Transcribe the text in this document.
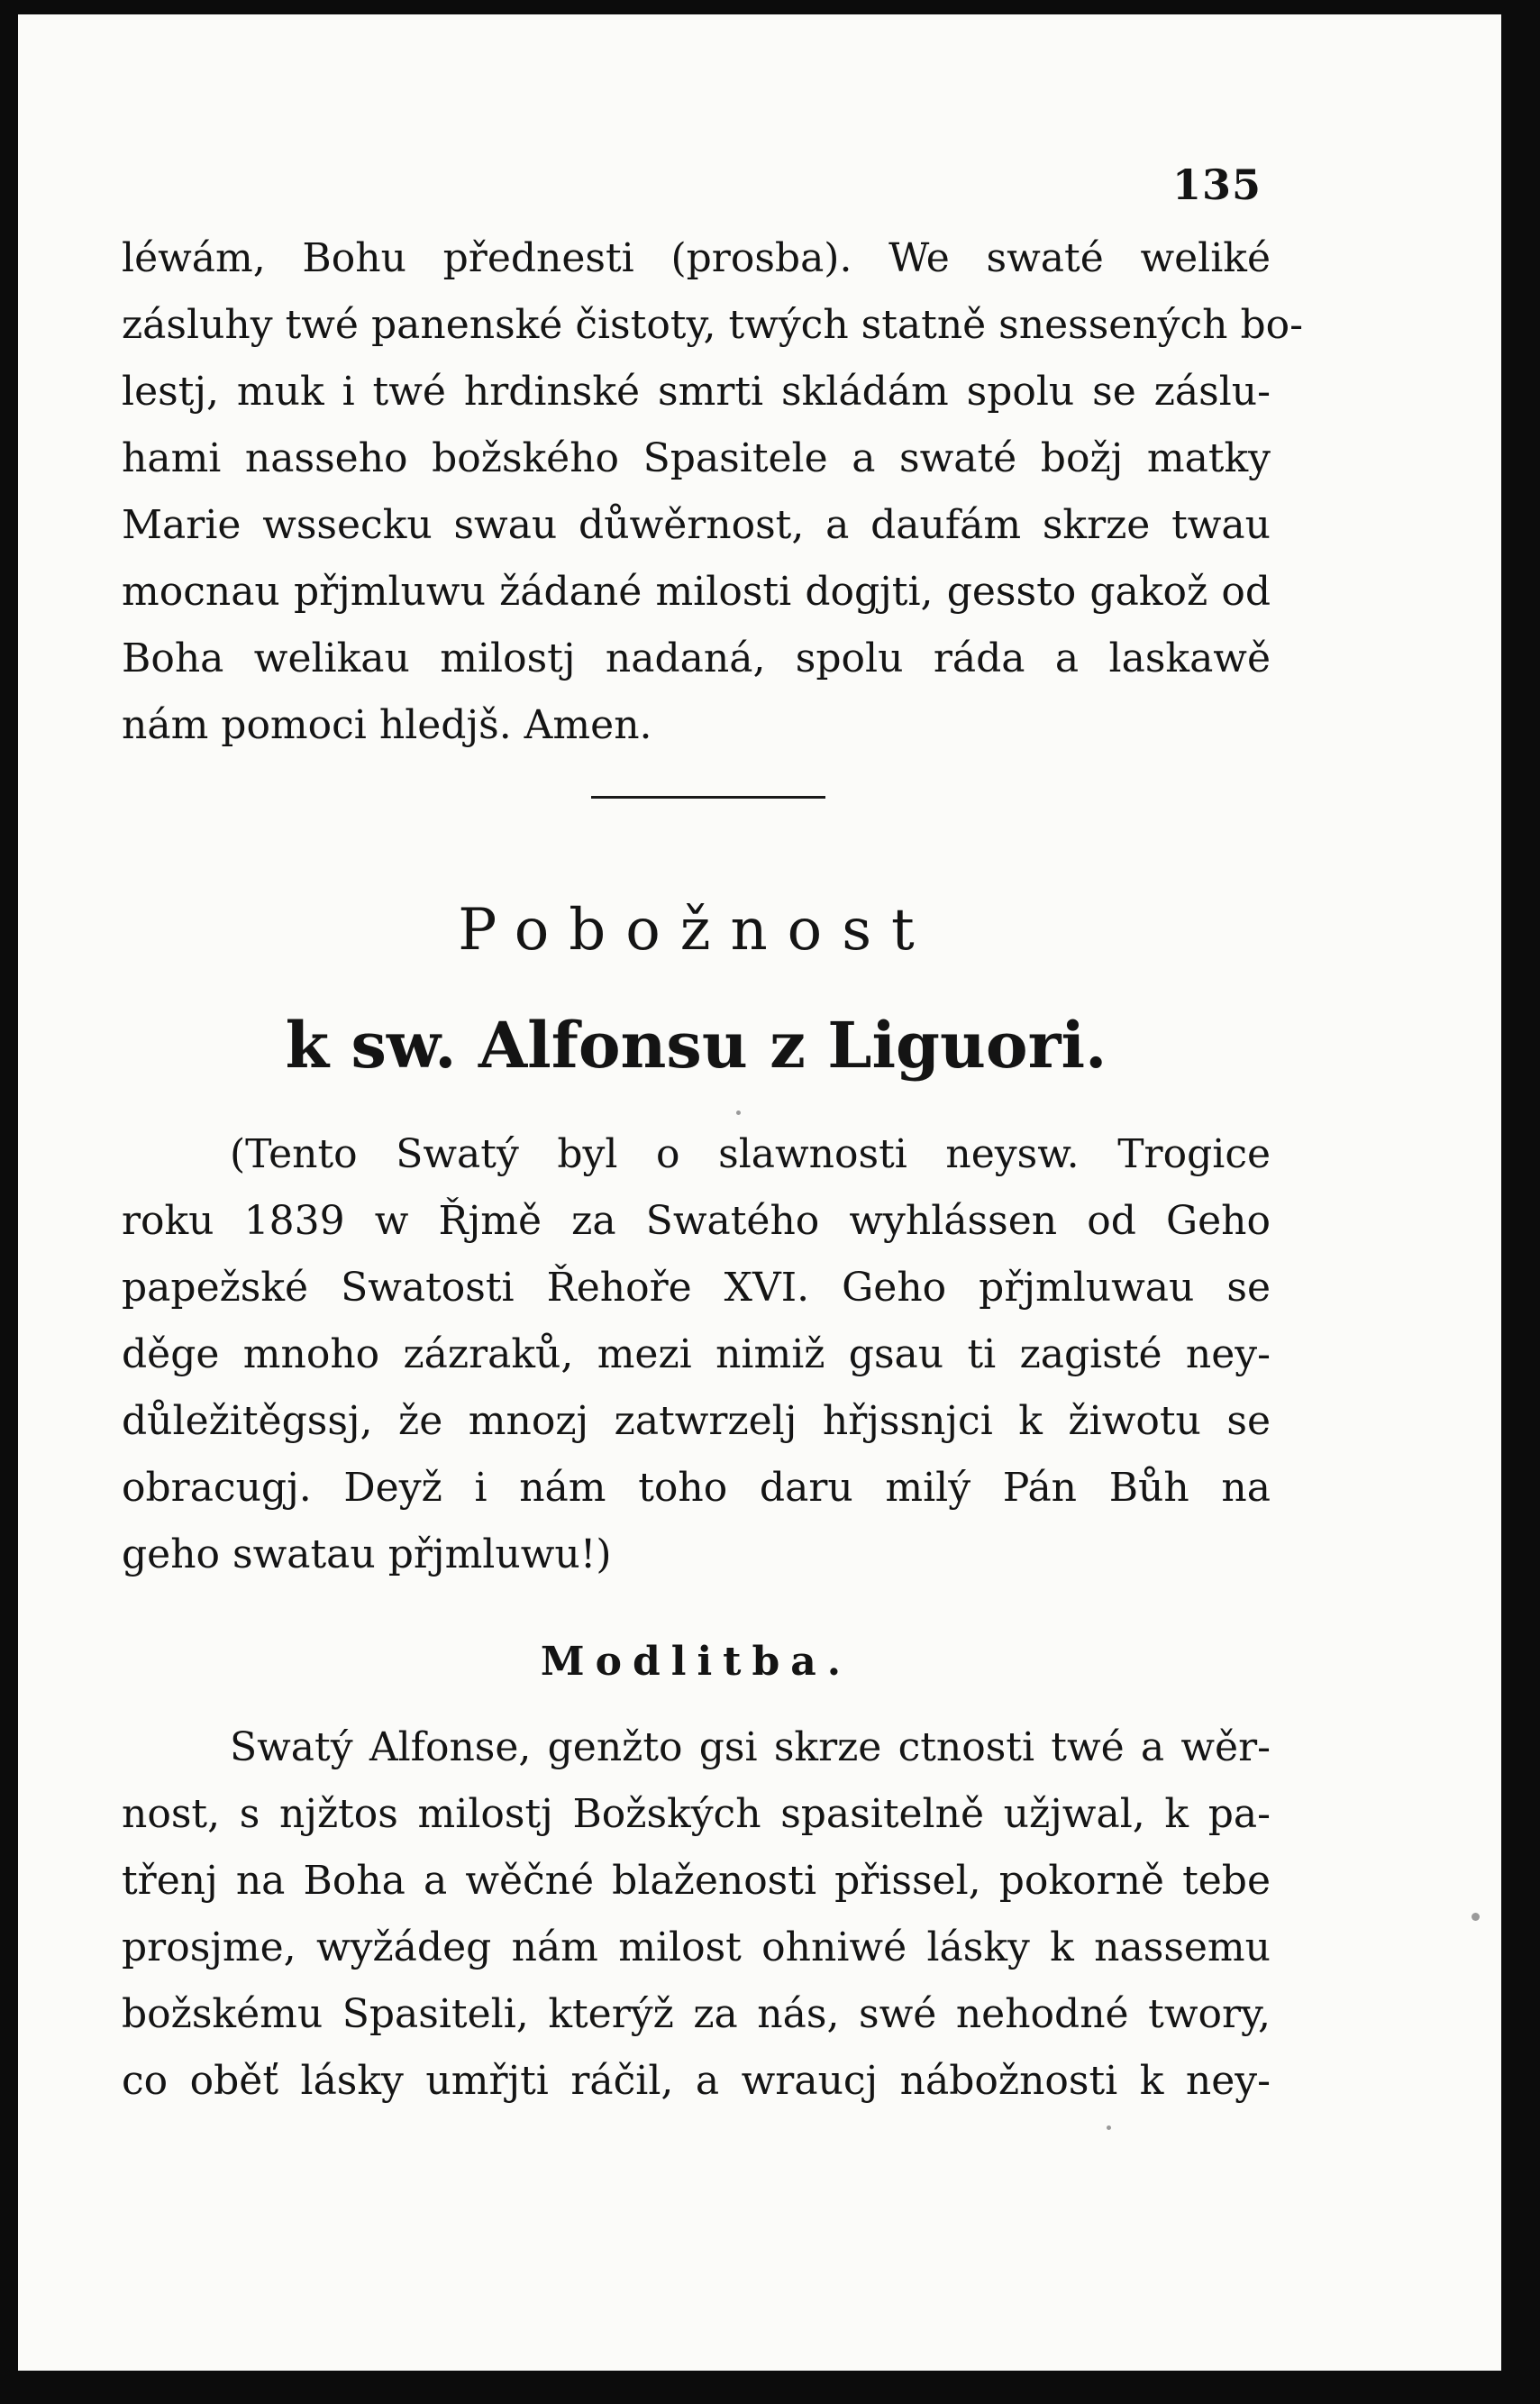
135
léwám, Bohu přednesti (prosba). We swaté weliké
zásluhy twé panenské čistoty, twých statně snessených bo-
lestj, muk i twé hrdinské smrti skládám spolu se záslu-
hami nasseho božského Spasitele a swaté božj matky
Marie wssecku swau důwěrnost, a daufám skrze twau
mocnau přjmluwu žádané milosti dogjti, gessto gakož od
Boha welikau milostj nadaná, spolu ráda a laskawě
nám pomoci hledjš. Amen.
Pobožnost
k sw. Alfonsu z Liguori.
(Tento Swatý byl o slawnosti neysw. Trogice
roku 1839 w Řjmě za Swatého wyhlássen od Geho
papežské Swatosti Řehoře XVI. Geho přjmluwau se
děge mnoho zázraků, mezi nimiž gsau ti zagisté ney-
důležitěgssj, že mnozj zatwrzelj hřjssnjci k žiwotu se
obracugj. Deyž i nám toho daru milý Pán Bůh na
geho swatau přjmluwu!)
Modlitba.
Swatý Alfonse, genžto gsi skrze ctnosti twé a wěr-
nost, s njžtos milostj Božských spasitelně užjwal, k pa-
třenj na Boha a wěčné blaženosti přissel, pokorně tebe
prosjme, wyžádeg nám milost ohniwé lásky k nassemu
božskému Spasiteli, kterýž za nás, swé nehodné twory,
co oběť lásky umřjti ráčil, a wraucj nábožnosti k ney-
